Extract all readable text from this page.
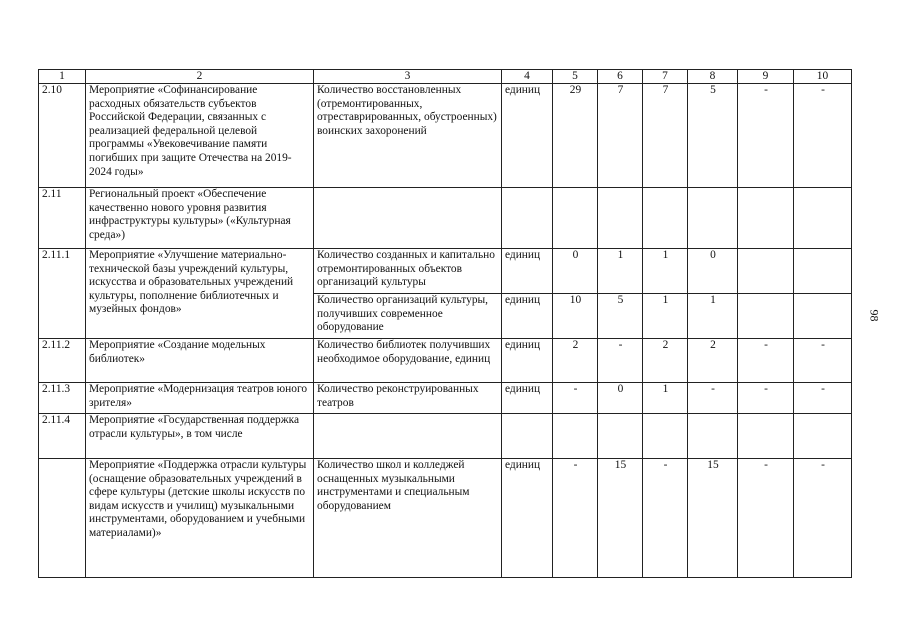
1	2	3	4	5	6	7	8	9	10
2.10	Мероприятие «Софинансирование расходных обязательств субъектов Российской Федерации, связанных с реализацией федеральной целевой программы «Увековечивание памяти погибших при защите Отечества на 2019-2024 годы»	Количество восстановленных (отремонтированных, отреставрированных, обустроенных) воинских захоронений	единиц	29	7	7	5	-	-
2.11	Региональный проект «Обеспечение качественно нового уровня развития инфраструктуры культуры» («Культурная среда»)								
2.11.1	Мероприятие «Улучшение материально-технической базы учреждений культуры, искусства и образовательных учреждений культуры, пополнение библиотечных и музейных фондов»	Количество созданных и капитально отремонтированных объектов организаций культуры	единиц	0	1	1	0		
		Количество организаций культуры, получивших современное оборудование	единиц	10	5	1	1		
2.11.2	Мероприятие «Создание модельных библиотек»	Количество библиотек получивших необходимое оборудование, единиц	единиц	2	-	2	2	-	-
2.11.3	Мероприятие «Модернизация театров юного зрителя»	Количество реконструированных театров	единиц	-	0	1	-	-	-
2.11.4	Мероприятие «Государственная поддержка отрасли культуры», в том числе								
	Мероприятие «Поддержка отрасли культуры (оснащение образовательных учреждений в сфере культуры (детские школы искусств по видам искусств и училищ) музыкальными инструментами, оборудованием и учебными материалами)»	Количество школ и колледжей оснащенных музыкальными инструментами и специальным оборудованием	единиц	-	15	-	15	-	-
98
